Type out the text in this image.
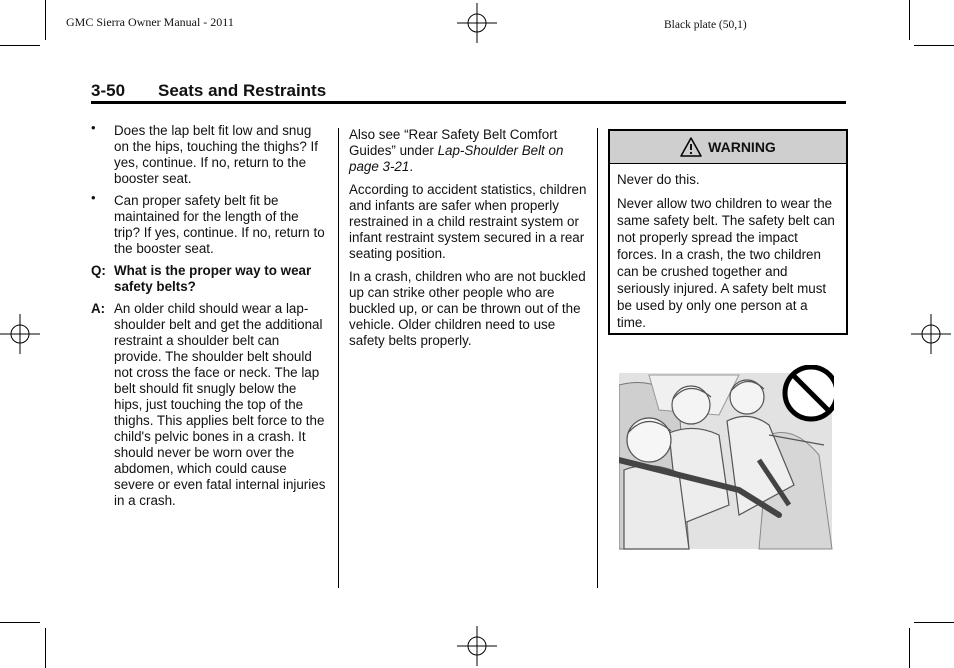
GMC Sierra Owner Manual - 2011	Black plate (50,1)
3-50 Seats and Restraints
• Does the lap belt fit low and snug on the hips, touching the thighs? If yes, continue. If no, return to the booster seat.
• Can proper safety belt fit be maintained for the length of the trip? If yes, continue. If no, return to the booster seat.
Q: What is the proper way to wear safety belts?
A: An older child should wear a lap-shoulder belt and get the additional restraint a shoulder belt can provide. The shoulder belt should not cross the face or neck. The lap belt should fit snugly below the hips, just touching the top of the thighs. This applies belt force to the child's pelvic bones in a crash. It should never be worn over the abdomen, which could cause severe or even fatal internal injuries in a crash.

Also see “Rear Safety Belt Comfort Guides” under Lap-Shoulder Belt on page 3-21.

According to accident statistics, children and infants are safer when properly restrained in a child restraint system or infant restraint system secured in a rear seating position.

In a crash, children who are not buckled up can strike other people who are buckled up, or can be thrown out of the vehicle. Older children need to use safety belts properly.

WARNING

Never do this.

Never allow two children to wear the same safety belt. The safety belt can not properly spread the impact forces. In a crash, the two children can be crushed together and seriously injured. A safety belt must be used by only one person at a time.
